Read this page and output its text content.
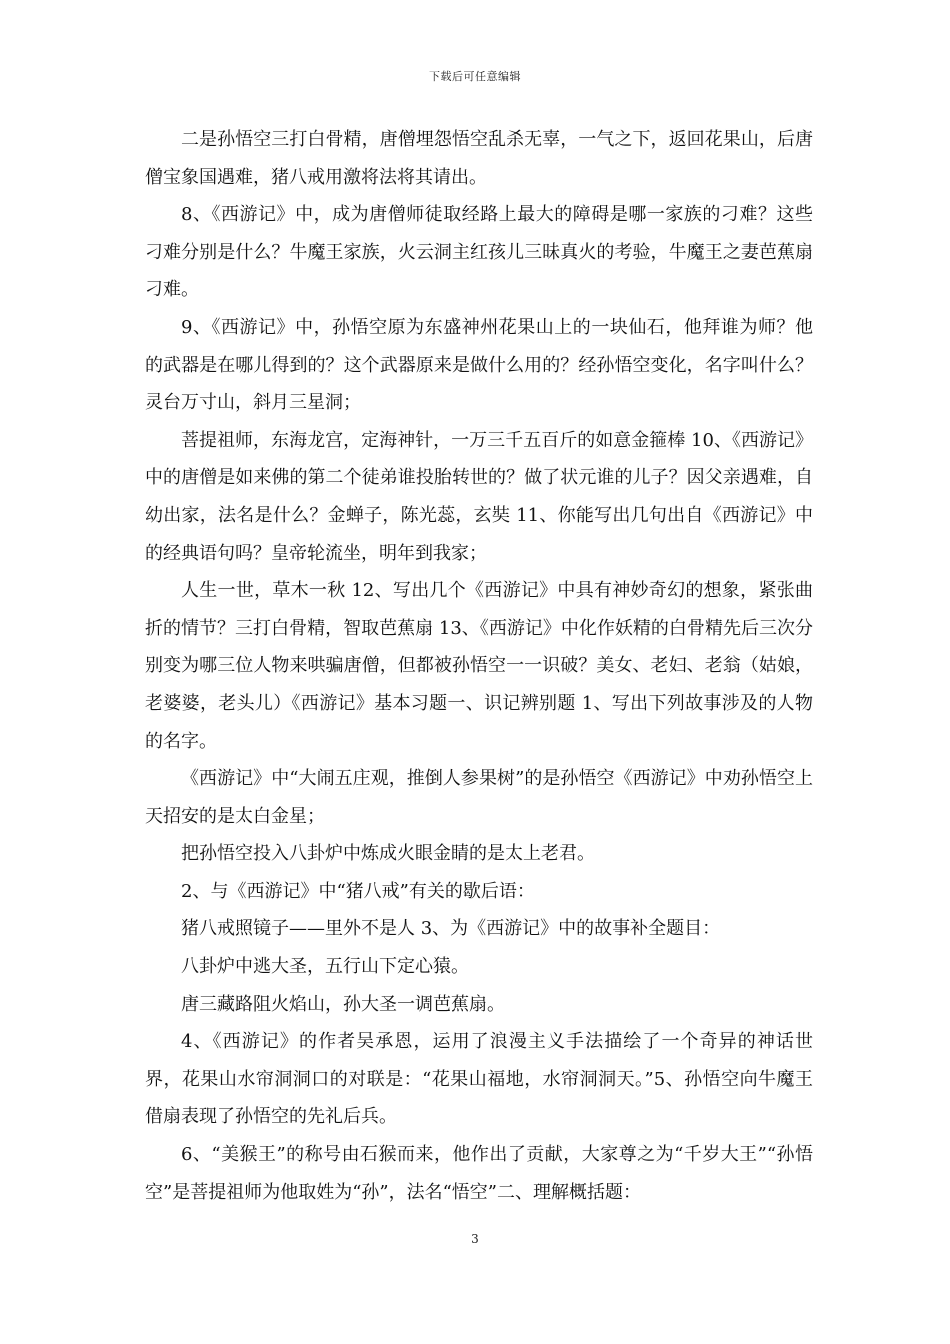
下载后可任意编辑

二是孙悟空三打白骨精，唐僧埋怨悟空乱杀无辜，一气之下，返回花果山，后唐僧宝象国遇难，猪八戒用激将法将其请出。

8、《西游记》中，成为唐僧师徒取经路上最大的障碍是哪一家族的刁难？这些刁难分别是什么？牛魔王家族，火云洞主红孩儿三昧真火的考验，牛魔王之妻芭蕉扇刁难。

9、《西游记》中，孙悟空原为东盛神州花果山上的一块仙石，他拜谁为师？他的武器是在哪儿得到的？这个武器原来是做什么用的？经孙悟空变化，名字叫什么？灵台万寸山，斜月三星洞；

菩提祖师，东海龙宫，定海神针，一万三千五百斤的如意金箍棒 10、《西游记》中的唐僧是如来佛的第二个徒弟谁投胎转世的？做了状元谁的儿子？因父亲遇难，自幼出家，法名是什么？金蝉子，陈光蕊，玄奘 11、你能写出几句出自《西游记》中的经典语句吗？皇帝轮流坐，明年到我家；

人生一世，草木一秋 12、写出几个《西游记》中具有神妙奇幻的想象，紧张曲折的情节？三打白骨精，智取芭蕉扇 13、《西游记》中化作妖精的白骨精先后三次分别变为哪三位人物来哄骗唐僧，但都被孙悟空一一识破？美女、老妇、老翁（姑娘，老婆婆，老头儿）《西游记》基本习题一、识记辨别题 1、写出下列故事涉及的人物的名字。

《西游记》中“大闹五庄观，推倒人参果树”的是孙悟空《西游记》中劝孙悟空上天招安的是太白金星；

把孙悟空投入八卦炉中炼成火眼金睛的是太上老君。

2、与《西游记》中“猪八戒”有关的歇后语：

猪八戒照镜子——里外不是人 3、为《西游记》中的故事补全题目：

八卦炉中逃大圣，五行山下定心猿。

唐三藏路阻火焰山，孙大圣一调芭蕉扇。

4、《西游记》的作者吴承恩，运用了浪漫主义手法描绘了一个奇异的神话世界，花果山水帘洞洞口的对联是：“花果山福地，水帘洞洞天。”5、孙悟空向牛魔王借扇表现了孙悟空的先礼后兵。

6、“美猴王”的称号由石猴而来，他作出了贡献，大家尊之为“千岁大王”“孙悟空”是菩提祖师为他取姓为“孙”，法名“悟空”二、理解概括题：

3
